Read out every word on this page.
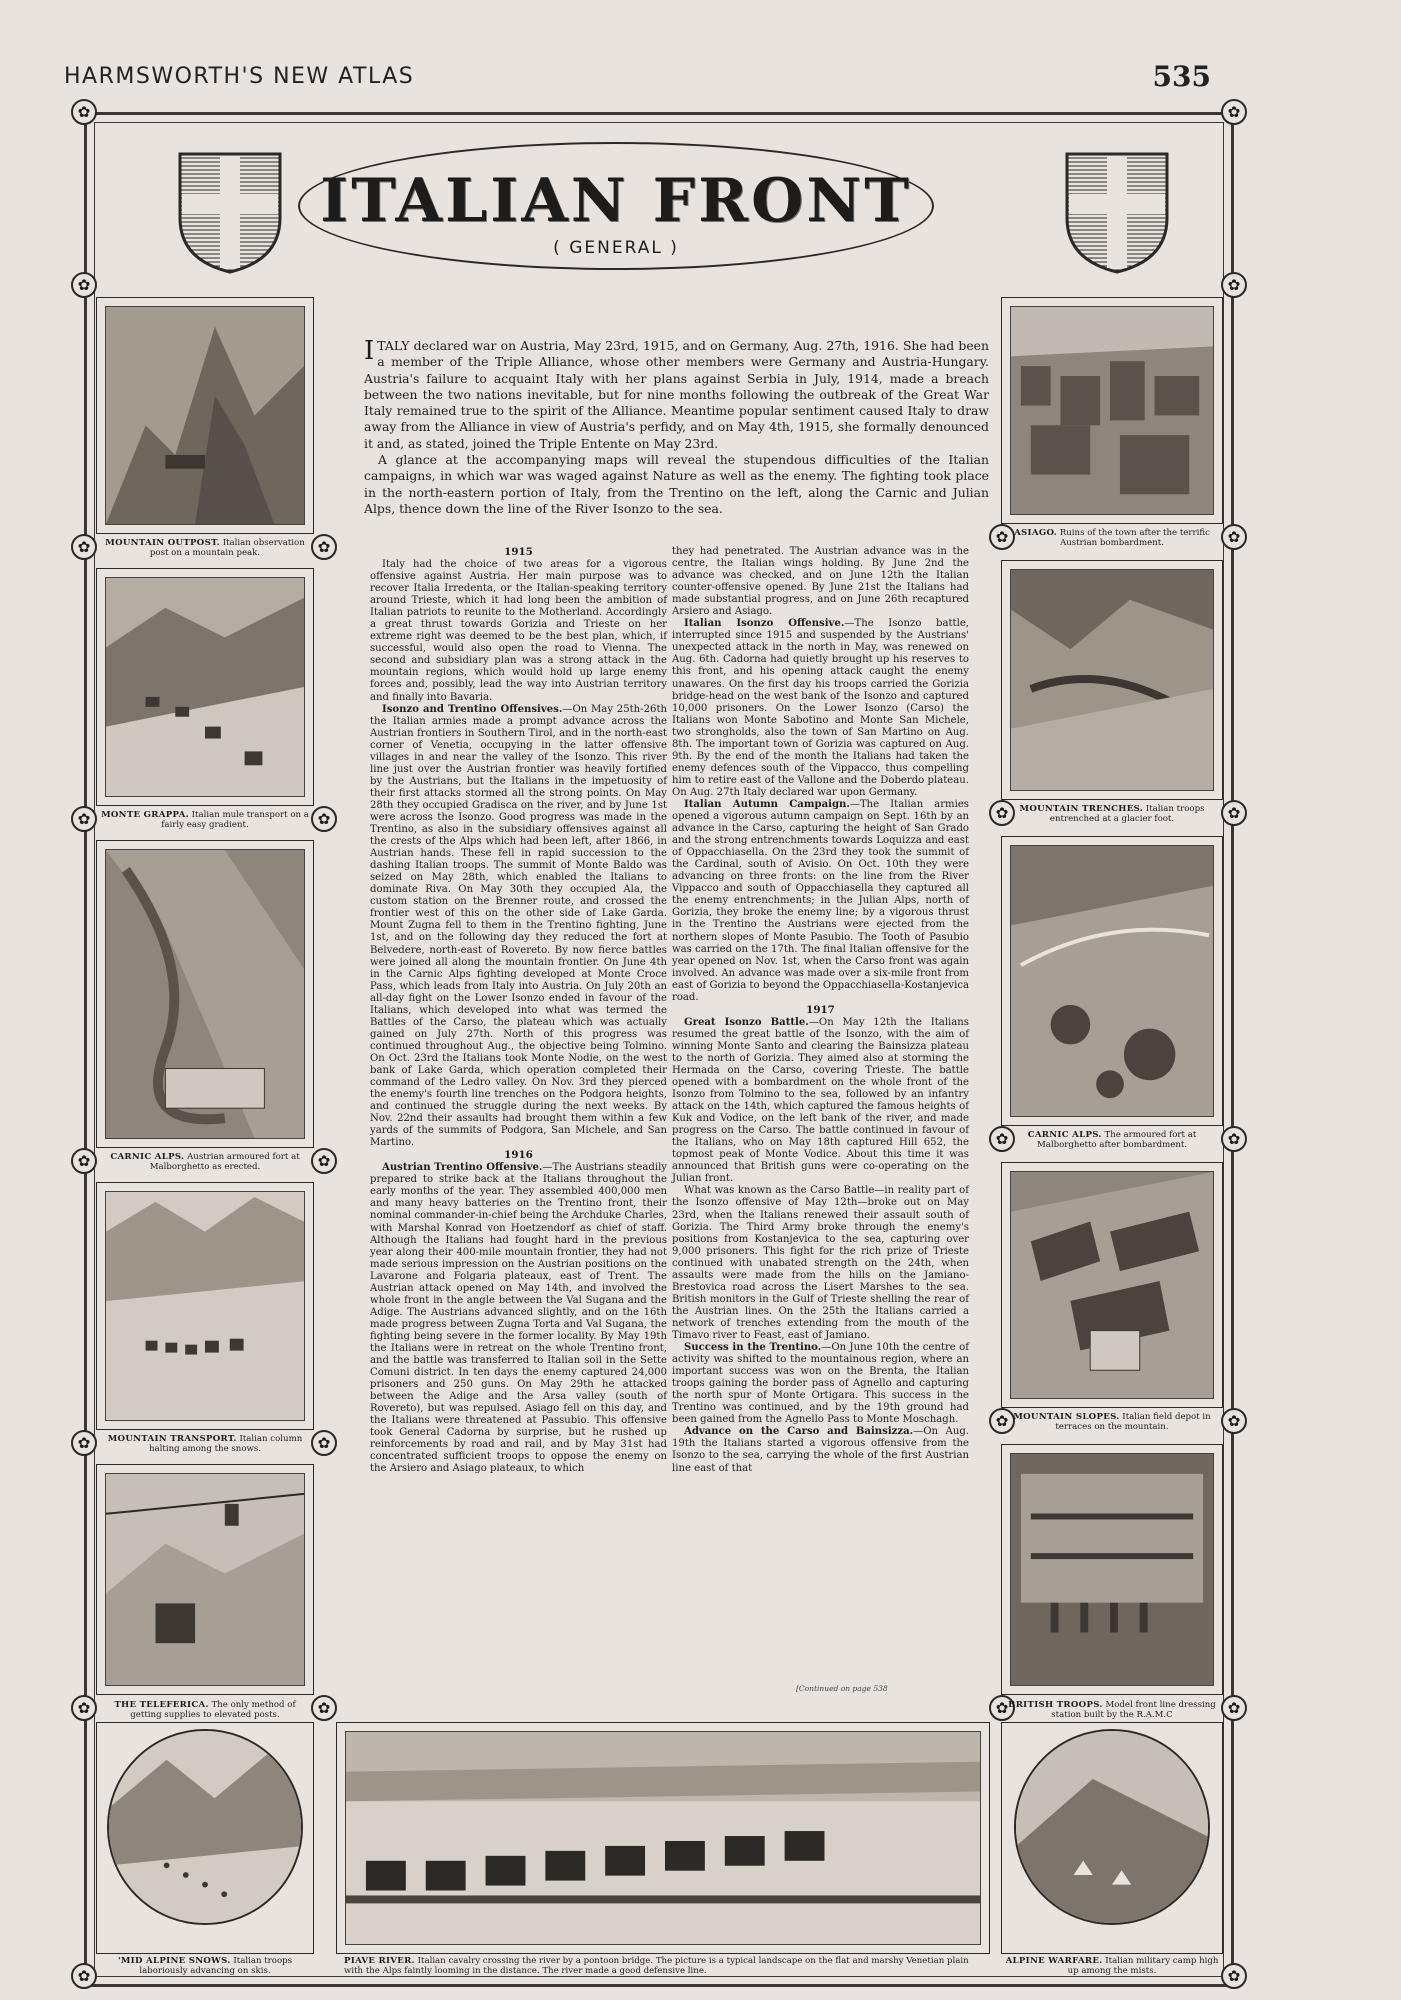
HARMSWORTH'S NEW ATLAS	535
✿	✿
✿	✿
✿	✿
✿	✿
✿	✿	✿	✿
✿	✿
✿	✿
✿	✿
✿	✿
✿	✿	✿	✿
✿	✿
ITALIAN FRONT
( GENERAL )
MOUNTAIN OUTPOST. Italian observation post on a mountain peak.
MONTE GRAPPA. Italian mule transport on a fairly easy gradient.
CARNIC ALPS. Austrian armoured fort at Malborghetto as erected.
MOUNTAIN TRANSPORT. Italian column halting among the snows.
THE TELEFERICA. The only method of getting supplies to elevated posts.
ASIAGO. Ruins of the town after the terrific Austrian bombardment.
MOUNTAIN TRENCHES. Italian troops entrenched at a glacier foot.
CARNIC ALPS. The armoured fort at Malborghetto after bombardment.
MOUNTAIN SLOPES. Italian field depot in terraces on the mountain.
BRITISH TROOPS. Model front line dressing station built by the R.A.M.C
'MID ALPINE SNOWS. Italian troops laboriously advancing on skis.
PIAVE RIVER. Italian cavalry crossing the river by a pontoon bridge. The picture is a typical landscape on the flat and marshy Venetian plain with the Alps faintly looming in the distance. The river made a good defensive line.
ALPINE WARFARE. Italian military camp high up among the mists.

ITALY declared war on Austria, May 23rd, 1915, and on Germany, Aug. 27th, 1916. She had been a member of the Triple Alliance, whose other members were Germany and Austria-Hungary. Austria's failure to acquaint Italy with her plans against Serbia in July, 1914, made a breach between the two nations inevitable, but for nine months following the outbreak of the Great War Italy remained true to the spirit of the Alliance. Meantime popular sentiment caused Italy to draw away from the Alliance in view of Austria's perfidy, and on May 4th, 1915, she formally denounced it and, as stated, joined the Triple Entente on May 23rd.

A glance at the accompanying maps will reveal the stupendous difficulties of the Italian campaigns, in which war was waged against Nature as well as the enemy. The fighting took place in the north-eastern portion of Italy, from the Trentino on the left, along the Carnic and Julian Alps, thence down the line of the River Isonzo to the sea.

1915

Italy had the choice of two areas for a vigorous offensive against Austria. Her main purpose was to recover Italia Irredenta, or the Italian-speaking territory around Trieste, which it had long been the ambition of Italian patriots to reunite to the Motherland. Accordingly a great thrust towards Gorizia and Trieste on her extreme right was deemed to be the best plan, which, if successful, would also open the road to Vienna. The second and subsidiary plan was a strong attack in the mountain regions, which would hold up large enemy forces and, possibly, lead the way into Austrian territory and finally into Bavaria.

Isonzo and Trentino Offensives.—On May 25th-26th the Italian armies made a prompt advance across the Austrian frontiers in Southern Tirol, and in the north-east corner of Venetia, occupying in the latter offensive villages in and near the valley of the Isonzo. This river line just over the Austrian frontier was heavily fortified by the Austrians, but the Italians in the impetuosity of their first attacks stormed all the strong points. On May 28th they occupied Gradisca on the river, and by June 1st were across the Isonzo. Good progress was made in the Trentino, as also in the subsidiary offensives against all the crests of the Alps which had been left, after 1866, in Austrian hands. These fell in rapid succession to the dashing Italian troops. The summit of Monte Baldo was seized on May 28th, which enabled the Italians to dominate Riva. On May 30th they occupied Ala, the custom station on the Brenner route, and crossed the frontier west of this on the other side of Lake Garda. Mount Zugna fell to them in the Trentino fighting, June 1st, and on the following day they reduced the fort at Belvedere, north-east of Rovereto. By now fierce battles were joined all along the mountain frontier. On June 4th in the Carnic Alps fighting developed at Monte Croce Pass, which leads from Italy into Austria. On July 20th an all-day fight on the Lower Isonzo ended in favour of the Italians, which developed into what was termed the Battles of the Carso, the plateau which was actually gained on July 27th. North of this progress was continued throughout Aug., the objective being Tolmino. On Oct. 23rd the Italians took Monte Nodie, on the west bank of Lake Garda, which operation completed their command of the Ledro valley. On Nov. 3rd they pierced the enemy's fourth line trenches on the Podgora heights, and continued the struggle during the next weeks. By Nov. 22nd their assaults had brought them within a few yards of the summits of Podgora, San Michele, and San Martino.

1916

Austrian Trentino Offensive.—The Austrians steadily prepared to strike back at the Italians throughout the early months of the year. They assembled 400,000 men and many heavy batteries on the Trentino front, their nominal commander-in-chief being the Archduke Charles, with Marshal Konrad von Hoetzendorf as chief of staff. Although the Italians had fought hard in the previous year along their 400-mile mountain frontier, they had not made serious impression on the Austrian positions on the Lavarone and Folgaria plateaux, east of Trent. The Austrian attack opened on May 14th, and involved the whole front in the angle between the Val Sugana and the Adige. The Austrians advanced slightly, and on the 16th made progress between Zugna Torta and Val Sugana, the fighting being severe in the former locality. By May 19th the Italians were in retreat on the whole Trentino front, and the battle was transferred to Italian soil in the Sette Comuni district. In ten days the enemy captured 24,000 prisoners and 250 guns. On May 29th he attacked between the Adige and the Arsa valley (south of Rovereto), but was repulsed. Asiago fell on this day, and the Italians were threatened at Passubio. This offensive took General Cadorna by surprise, but he rushed up reinforcements by road and rail, and by May 31st had concentrated sufficient troops to oppose the enemy on the Arsiero and Asiago plateaux, to which

they had penetrated. The Austrian advance was in the centre, the Italian wings holding. By June 2nd the advance was checked, and on June 12th the Italian counter-offensive opened. By June 21st the Italians had made substantial progress, and on June 26th recaptured Arsiero and Asiago.

Italian Isonzo Offensive.—The Isonzo battle, interrupted since 1915 and suspended by the Austrians' unexpected attack in the north in May, was renewed on Aug. 6th. Cadorna had quietly brought up his reserves to this front, and his opening attack caught the enemy unawares. On the first day his troops carried the Gorizia bridge-head on the west bank of the Isonzo and captured 10,000 prisoners. On the Lower Isonzo (Carso) the Italians won Monte Sabotino and Monte San Michele, two strongholds, also the town of San Martino on Aug. 8th. The important town of Gorizia was captured on Aug. 9th. By the end of the month the Italians had taken the enemy defences south of the Vippacco, thus compelling him to retire east of the Vallone and the Doberdo plateau. On Aug. 27th Italy declared war upon Germany.

Italian Autumn Campaign.—The Italian armies opened a vigorous autumn campaign on Sept. 16th by an advance in the Carso, capturing the height of San Grado and the strong entrenchments towards Loquizza and east of Oppacchiasella. On the 23rd they took the summit of the Cardinal, south of Avisio. On Oct. 10th they were advancing on three fronts: on the line from the River Vippacco and south of Oppacchiasella they captured all the enemy entrenchments; in the Julian Alps, north of Gorizia, they broke the enemy line; by a vigorous thrust in the Trentino the Austrians were ejected from the northern slopes of Monte Pasubio. The Tooth of Pasubio was carried on the 17th. The final Italian offensive for the year opened on Nov. 1st, when the Carso front was again involved. An advance was made over a six-mile front from east of Gorizia to beyond the Oppacchiasella-Kostanjevica road.

1917

Great Isonzo Battle.—On May 12th the Italians resumed the great battle of the Isonzo, with the aim of winning Monte Santo and clearing the Bainsizza plateau to the north of Gorizia. They aimed also at storming the Hermada on the Carso, covering Trieste. The battle opened with a bombardment on the whole front of the Isonzo from Tolmino to the sea, followed by an infantry attack on the 14th, which captured the famous heights of Kuk and Vodice, on the left bank of the river, and made progress on the Carso. The battle continued in favour of the Italians, who on May 18th captured Hill 652, the topmost peak of Monte Vodice. About this time it was announced that British guns were co-operating on the Julian front.

What was known as the Carso Battle—in reality part of the Isonzo offensive of May 12th—broke out on May 23rd, when the Italians renewed their assault south of Gorizia. The Third Army broke through the enemy's positions from Kostanjevica to the sea, capturing over 9,000 prisoners. This fight for the rich prize of Trieste continued with unabated strength on the 24th, when assaults were made from the hills on the Jamiano-Brestovica road across the Lisert Marshes to the sea. British monitors in the Gulf of Trieste shelling the rear of the Austrian lines. On the 25th the Italians carried a network of trenches extending from the mouth of the Timavo river to Feast, east of Jamiano.

Success in the Trentino.—On June 10th the centre of activity was shifted to the mountainous region, where an important success was won on the Brenta, the Italian troops gaining the border pass of Agnello and capturing the north spur of Monte Ortigara. This success in the Trentino was continued, and by the 19th ground had been gained from the Agnello Pass to Monte Moschagh.

Advance on the Carso and Bainsizza.—On Aug. 19th the Italians started a vigorous offensive from the Isonzo to the sea, carrying the whole of the first Austrian line east of that

[Continued on page 538
